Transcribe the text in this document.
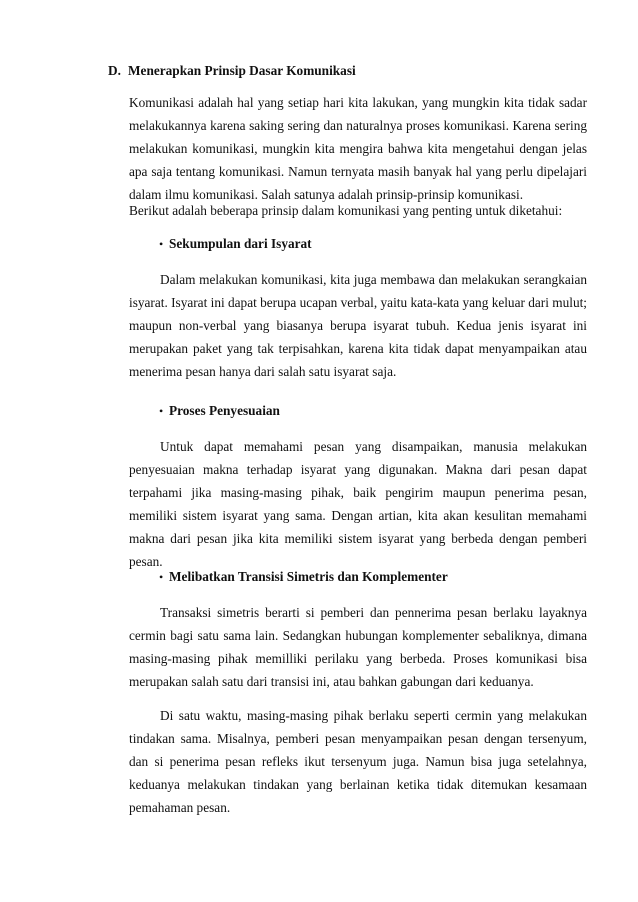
D. Menerapkan Prinsip Dasar Komunikasi

Komunikasi adalah hal yang setiap hari kita lakukan, yang mungkin kita tidak sadar melakukannya karena saking sering dan naturalnya proses komunikasi. Karena sering melakukan komunikasi, mungkin kita mengira bahwa kita mengetahui dengan jelas apa saja tentang komunikasi. Namun ternyata masih banyak hal yang perlu dipelajari dalam ilmu komunikasi. Salah satunya adalah prinsip-prinsip komunikasi.

Berikut adalah beberapa prinsip dalam komunikasi yang penting untuk diketahui:

• Sekumpulan dari Isyarat

Dalam melakukan komunikasi, kita juga membawa dan melakukan serangkaian isyarat. Isyarat ini dapat berupa ucapan verbal, yaitu kata-kata yang keluar dari mulut; maupun non-verbal yang biasanya berupa isyarat tubuh. Kedua jenis isyarat ini merupakan paket yang tak terpisahkan, karena kita tidak dapat menyampaikan atau menerima pesan hanya dari salah satu isyarat saja.

• Proses Penyesuaian

Untuk dapat memahami pesan yang disampaikan, manusia melakukan penyesuaian makna terhadap isyarat yang digunakan. Makna dari pesan dapat terpahami jika masing-masing pihak, baik pengirim maupun penerima pesan, memiliki sistem isyarat yang sama. Dengan artian, kita akan kesulitan memahami makna dari pesan jika kita memiliki sistem isyarat yang berbeda dengan pemberi pesan.

• Melibatkan Transisi Simetris dan Komplementer

Transaksi simetris berarti si pemberi dan pennerima pesan berlaku layaknya cermin bagi satu sama lain. Sedangkan hubungan komplementer sebaliknya, dimana masing-masing pihak memilliki perilaku yang berbeda. Proses komunikasi bisa merupakan salah satu dari transisi ini, atau bahkan gabungan dari keduanya.

Di satu waktu, masing-masing pihak berlaku seperti cermin yang melakukan tindakan sama. Misalnya, pemberi pesan menyampaikan pesan dengan tersenyum, dan si penerima pesan refleks ikut tersenyum juga. Namun bisa juga setelahnya, keduanya melakukan tindakan yang berlainan ketika tidak ditemukan kesamaan pemahaman pesan.
